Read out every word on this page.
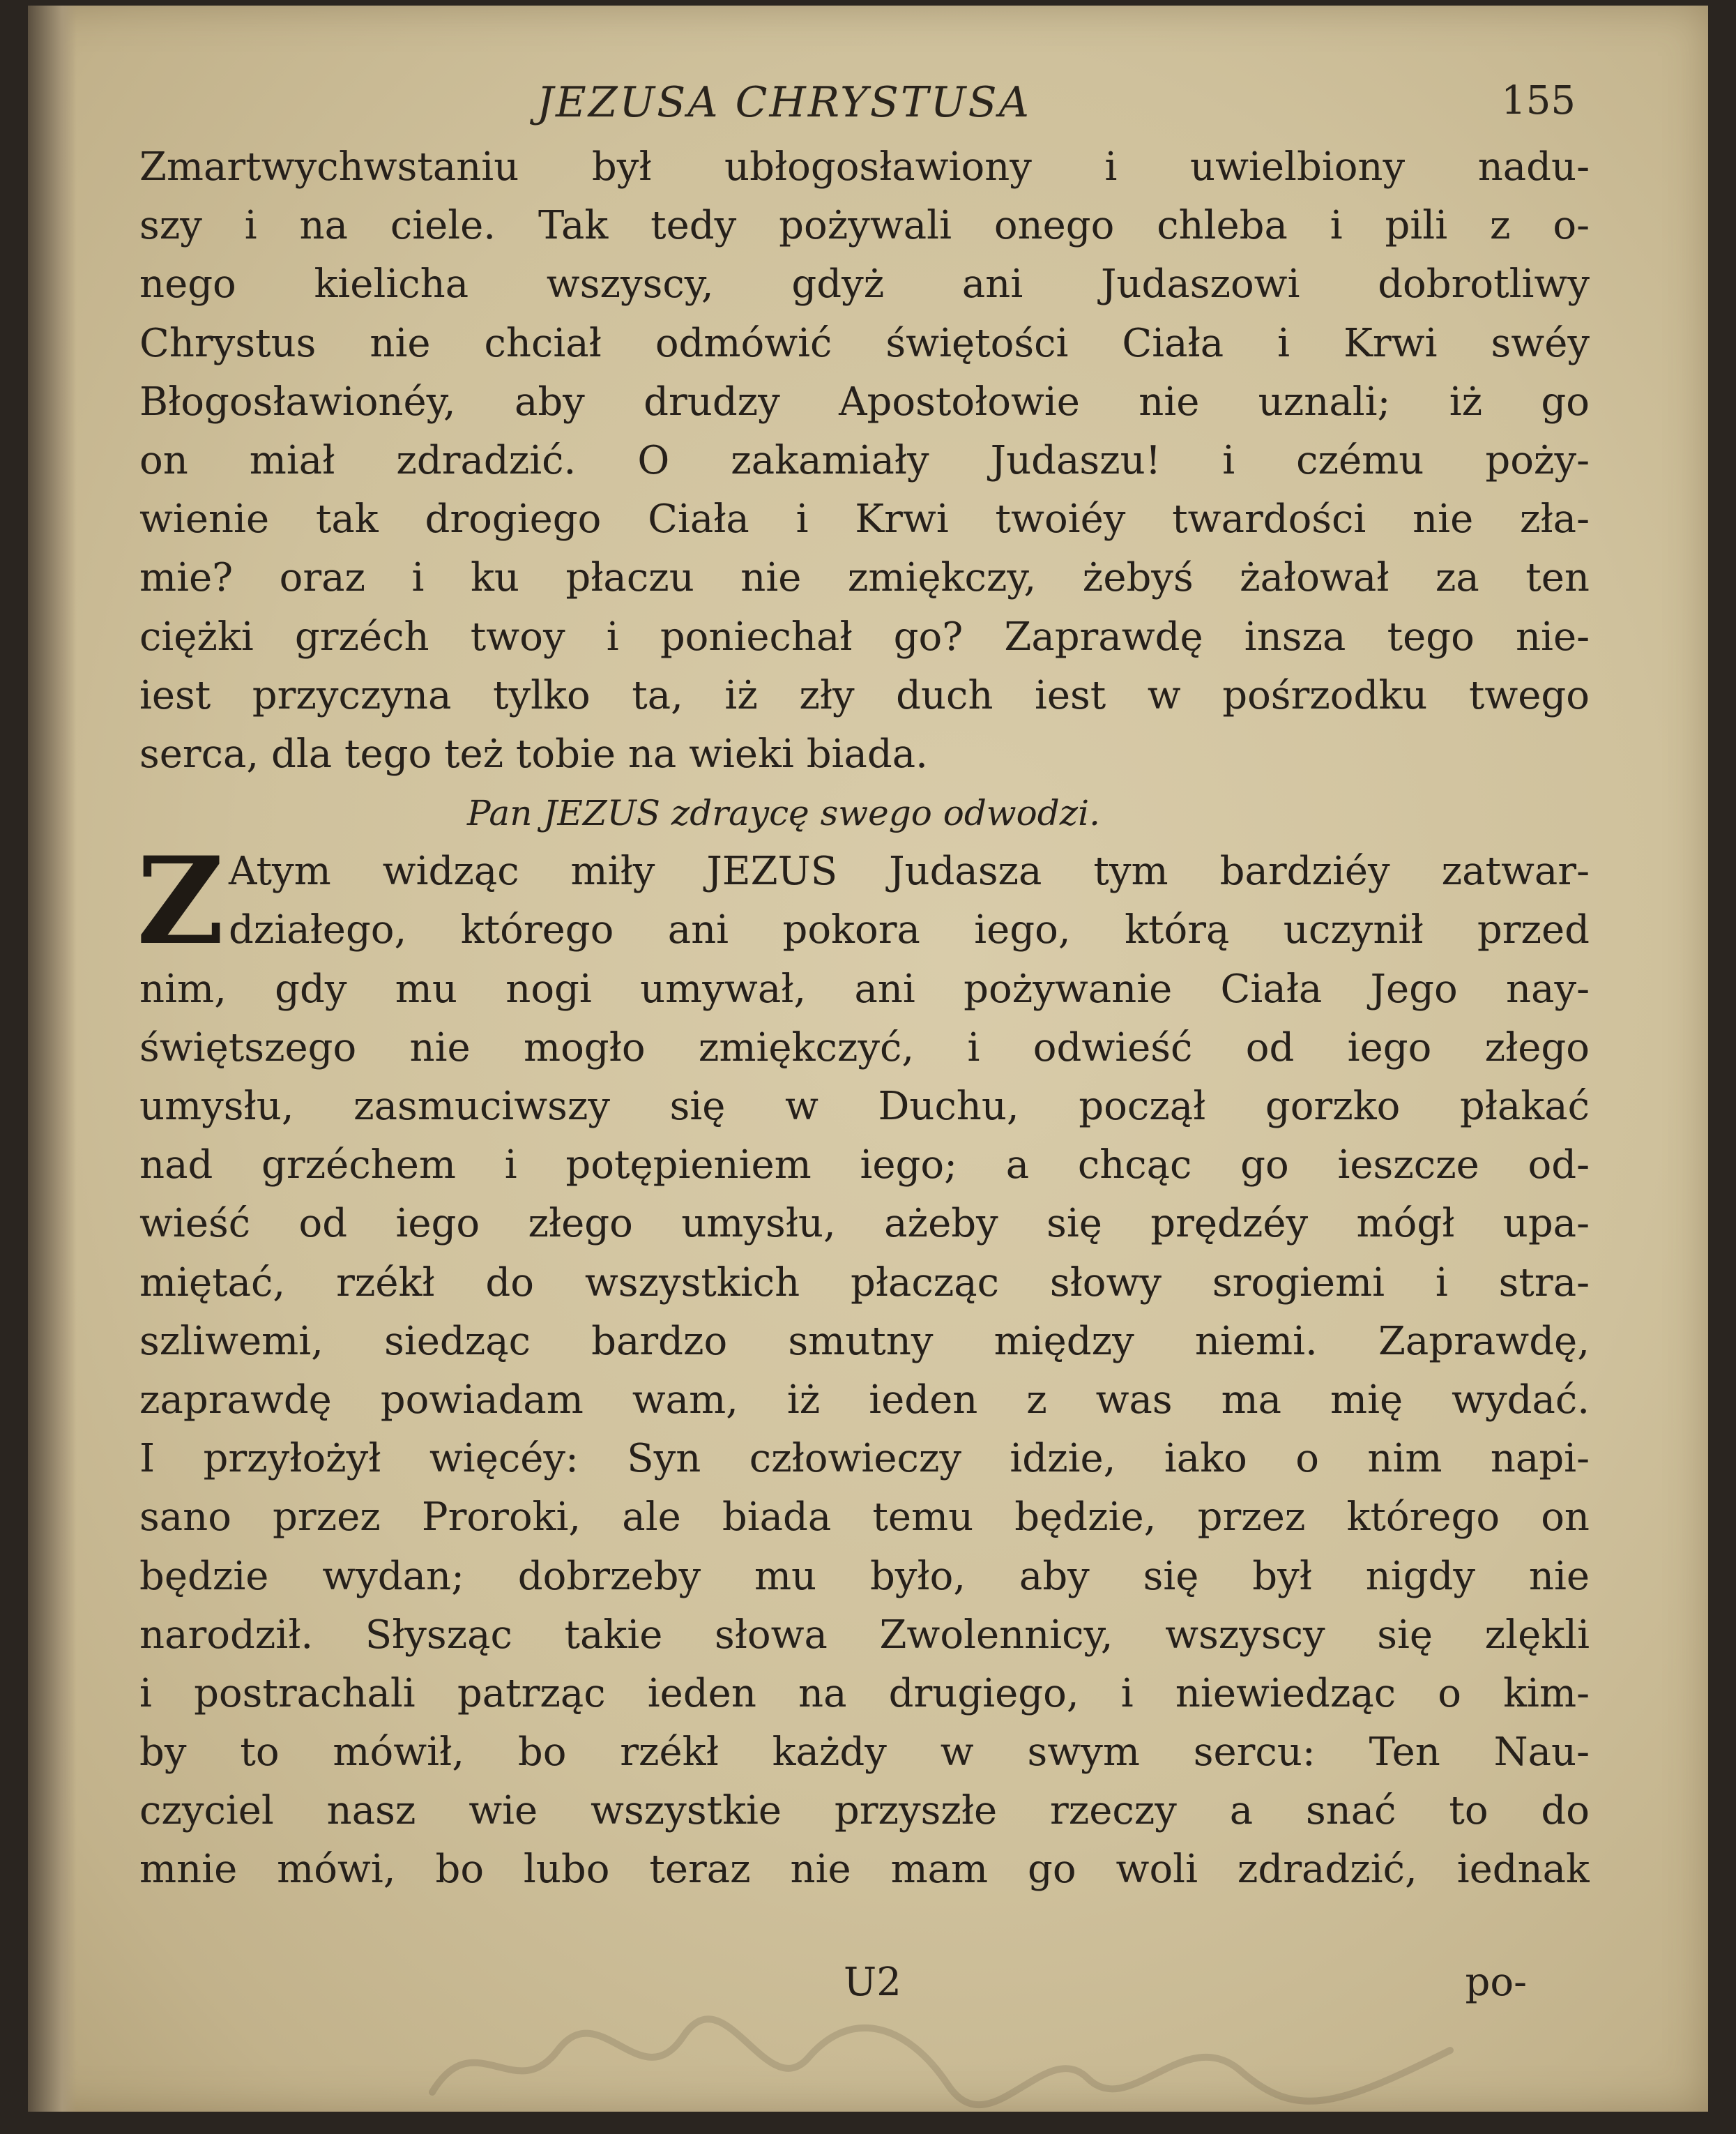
JEZUSA CHRYSTUSA	155
Zmartwychwstaniu był ubłogosławiony i uwielbiony nadu-
szy i na ciele. Tak tedy pożywali onego chleba i pili z o-
nego kielicha wszyscy, gdyż ani Judaszowi dobrotliwy
Chrystus nie chciał odmówić świętości Ciała i Krwi swéy
Błogosławionéy, aby drudzy Apostołowie nie uznali; iż go
on miał zdradzić. O zakamiały Judaszu! i czému poży-
wienie tak drogiego Ciała i Krwi twoiéy twardości nie zła-
mie? oraz i ku płaczu nie zmiękczy, żebyś żałował za ten
ciężki grzéch twoy i poniechał go? Zaprawdę insza tego nie-
iest przyczyna tylko ta, iż zły duch iest w pośrzodku twego
serca, dla tego też tobie na wieki biada.
Pan JEZUS zdraycę swego odwodzi.
Z Atym widząc miły JEZUS Judasza tym bardziéy zatwar-
działego, którego ani pokora iego, którą uczynił przed
nim, gdy mu nogi umywał, ani pożywanie Ciała Jego nay-
świętszego nie mogło zmiękczyć, i odwieść od iego złego
umysłu, zasmuciwszy się w Duchu, począł gorzko płakać
nad grzéchem i potępieniem iego; a chcąc go ieszcze od-
wieść od iego złego umysłu, ażeby się prędzéy mógł upa-
miętać, rzékł do wszystkich płacząc słowy srogiemi i stra-
szliwemi, siedząc bardzo smutny między niemi. Zaprawdę,
zaprawdę powiadam wam, iż ieden z was ma mię wydać.
I przyłożył więcéy: Syn człowieczy idzie, iako o nim napi-
sano przez Proroki, ale biada temu będzie, przez którego on
będzie wydan; dobrzeby mu było, aby się był nigdy nie
narodził. Słysząc takie słowa Zwolennicy, wszyscy się zlękli
i postrachali patrząc ieden na drugiego, i niewiedząc o kim-
by to mówił, bo rzékł każdy w swym sercu: Ten Nau-
czyciel nasz wie wszystkie przyszłe rzeczy a snać to do
mnie mówi, bo lubo teraz nie mam go woli zdradzić, iednak
U2	po-
